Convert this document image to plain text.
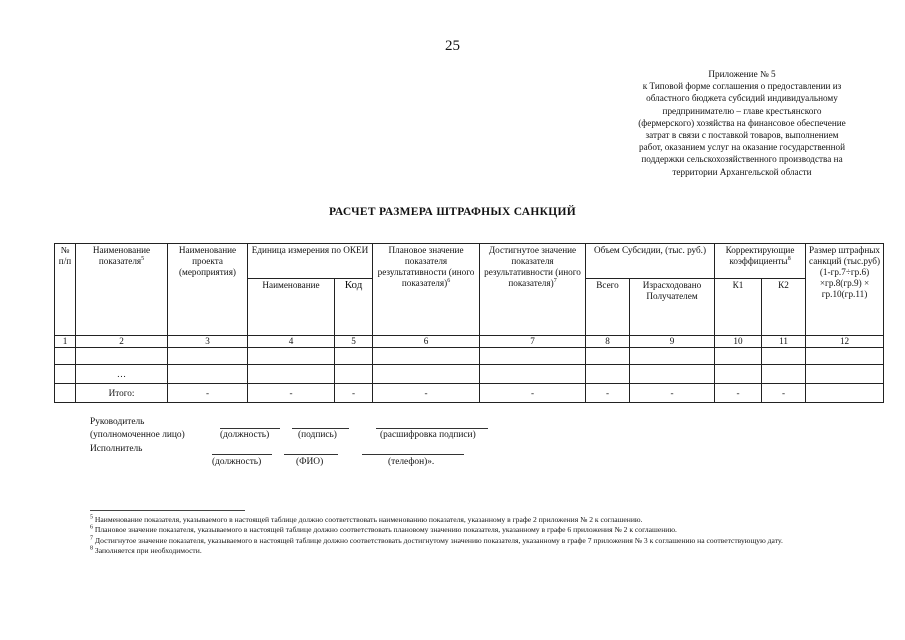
25
Приложение № 5
к Типовой форме соглашения о предоставлении из
областного бюджета субсидий индивидуальному
предпринимателю – главе крестьянского
(фермерского) хозяйства на финансовое обеспечение
затрат в связи с поставкой товаров, выполнением
работ, оказанием услуг на оказание государственной
поддержки сельскохозяйственного производства на
территории Архангельской области
РАСЧЕТ РАЗМЕРА ШТРАФНЫХ САНКЦИЙ
№ п/п	Наименование показателя$^5$	Наименование проекта (мероприятия)	Единица измерения по ОКЕИ		Плановое значение показателя результативности (иного показателя)$^6$	Достигнутое значение показателя результативности (иного показателя)$^7$	Объем Субсидии, (тыс. руб.)		Корректирующие коэффициенты$^8$		Размер штрафных санкций (тыс.руб) (1-гр.7÷гр.6) ×гр.8(гр.9) × гр.10(гр.11)
			Наименование	Код			Всего	Израсходовано Получателем	К1	К2	
1	2	3	4	5	6	7	8	9	10	11	12

	…										
	Итого:	-	-	-	-	-	-	-	-	-	
Руководитель
(уполномоченное лицо)	(должность)	(подпись)	(расшифровка подписи)
Исполнитель
(должность)	(ФИО)	(телефон)».

$^5$ Наименование показателя, указываемого в настоящей таблице должно соответствовать наименованию показателя, указанному в графе 2 приложения № 2 к соглашению.

$^6$ Плановое значение показателя, указываемого в настоящей таблице должно соответствовать плановому значению показателя, указанному в графе 6 приложения № 2 к соглашению.

$^7$ Достигнутое значение показателя, указываемого в настоящей таблице должно соответствовать достигнутому значению показателя, указанному в графе 7 приложения № 3 к соглашению на соответствующую дату.

$^8$ Заполняется при необходимости.
